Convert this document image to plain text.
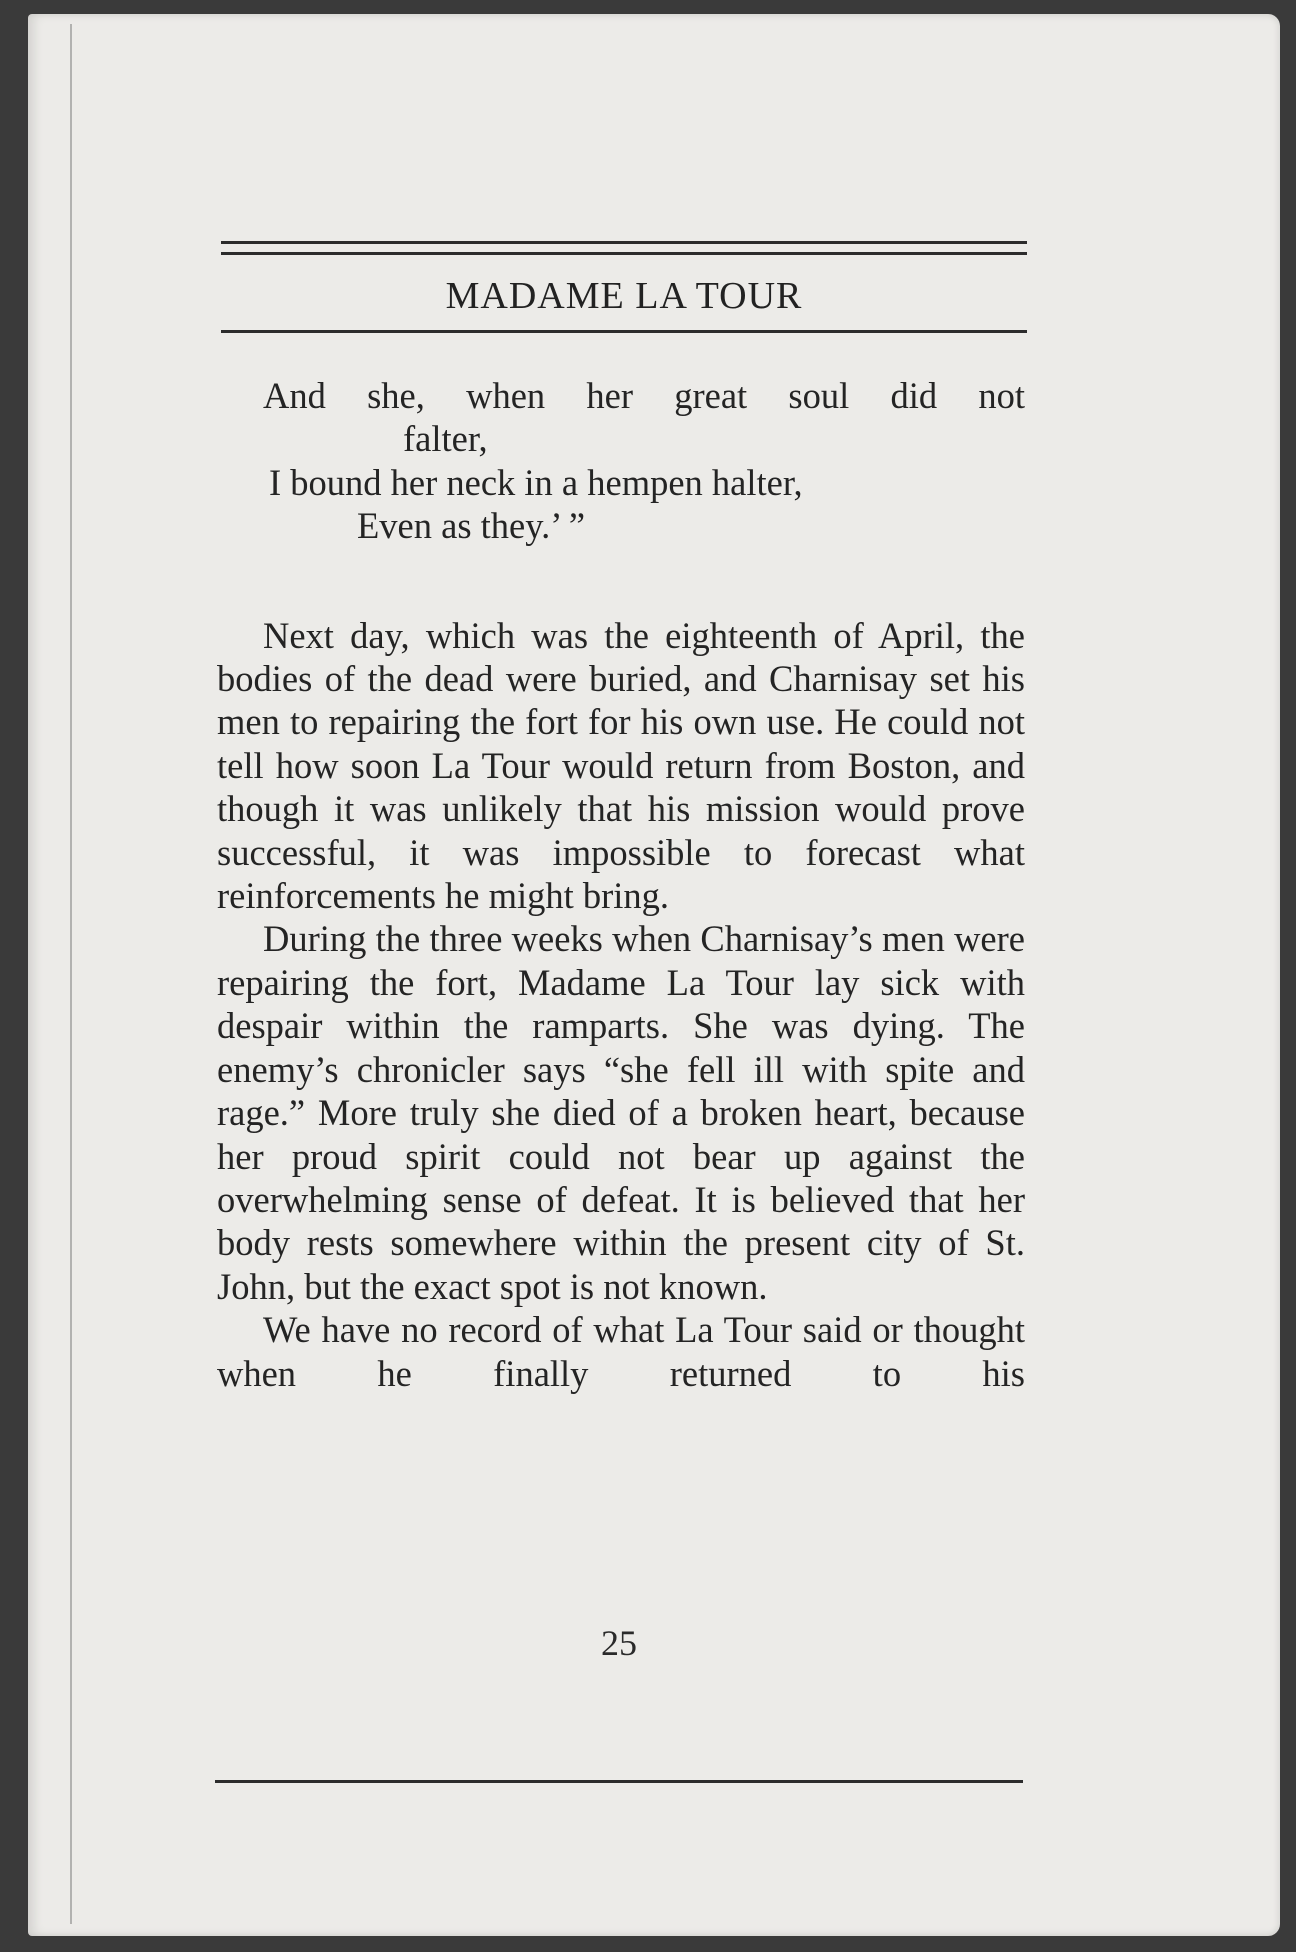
MADAME LA TOUR

And she, when her great soul did not

falter,

I bound her neck in a hempen halter,

Even as they.’ ”

Next day, which was the eighteenth of April, the bodies of the dead were buried, and Charnisay set his men to repairing the fort for his own use. He could not tell how soon La Tour would return from Boston, and though it was unlikely that his mission would prove successful, it was impossible to forecast what reinforcements he might bring.

During the three weeks when Charnisay’s men were repairing the fort, Madame La Tour lay sick with despair within the ramparts. She was dying. The enemy’s chronicler says “she fell ill with spite and rage.” More truly she died of a broken heart, because her proud spirit could not bear up against the overwhelming sense of defeat. It is believed that her body rests somewhere within the present city of St. John, but the exact spot is not known.

We have no record of what La Tour said or thought when he finally returned to his

25
